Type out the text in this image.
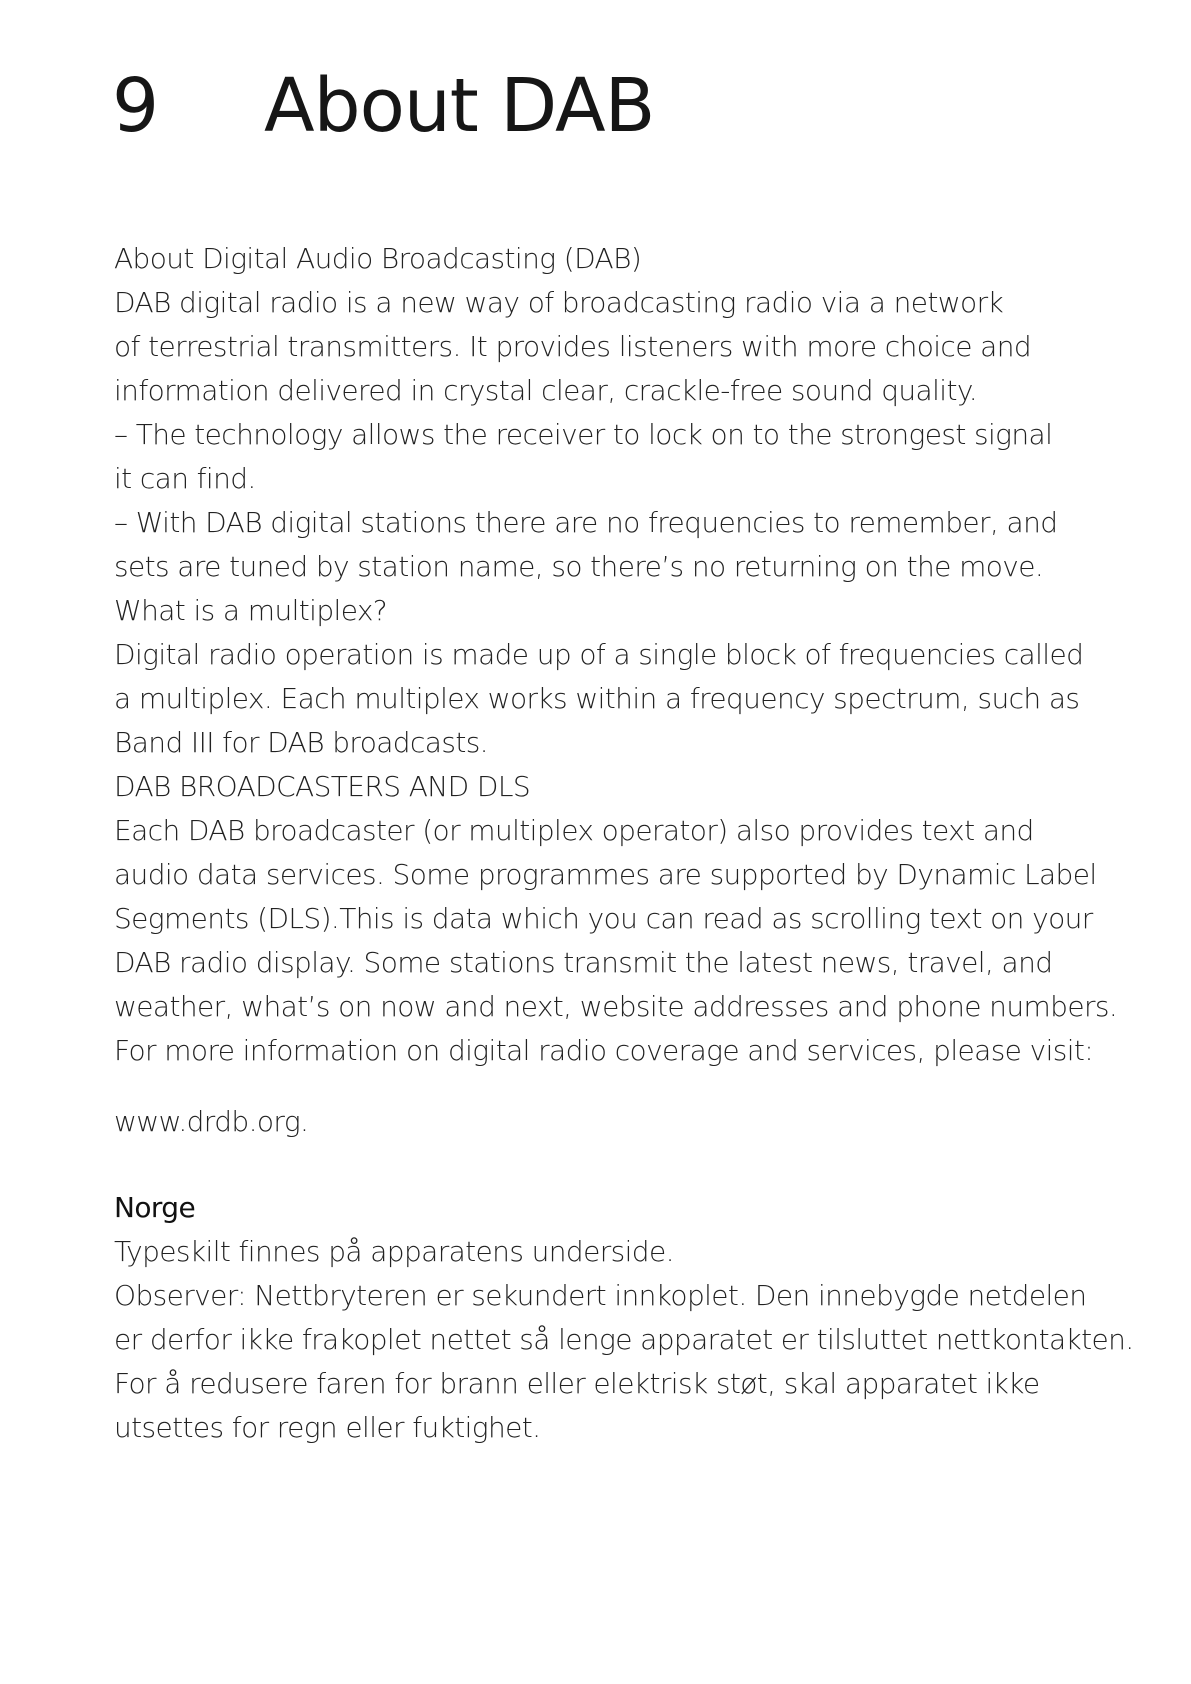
9 About DAB

About Digital Audio Broadcasting (DAB)

DAB digital radio is a new way of broadcasting radio via a network

of terrestrial transmitters. It provides listeners with more choice and

information delivered in crystal clear, crackle-free sound quality.

– The technology allows the receiver to lock on to the strongest signal

it can find.

– With DAB digital stations there are no frequencies to remember, and

sets are tuned by station name, so there’s no returning on the move.

What is a multiplex?

Digital radio operation is made up of a single block of frequencies called

a multiplex. Each multiplex works within a frequency spectrum, such as

Band III for DAB broadcasts.

DAB BROADCASTERS AND DLS

Each DAB broadcaster (or multiplex operator) also provides text and

audio data services. Some programmes are supported by Dynamic Label

Segments (DLS).This is data which you can read as scrolling text on your

DAB radio display. Some stations transmit the latest news, travel, and

weather, what’s on now and next, website addresses and phone numbers.

For more information on digital radio coverage and services, please visit:

www.drdb.org.

Norge

Typeskilt finnes på apparatens underside.

Observer: Nettbryteren er sekundert innkoplet. Den innebygde netdelen

er derfor ikke frakoplet nettet så lenge apparatet er tilsluttet nettkontakten.

For å redusere faren for brann eller elektrisk støt, skal apparatet ikke

utsettes for regn eller fuktighet.
